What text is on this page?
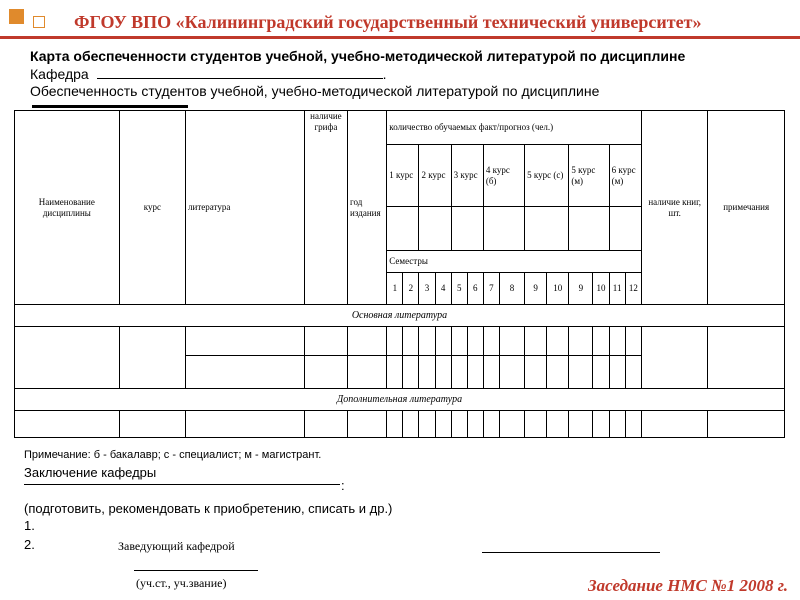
ФГОУ ВПО «Калининградский государственный технический университет»
Карта обеспеченности студентов учебной, учебно-методической литературой по дисциплине
Кафедра	.
Обеспеченность студентов учебной, учебно-методической литературой по дисциплине
Наименование дисциплины	курс	литература	наличие грифа	год издания	количество обучаемых факт/прогноз (чел.)														наличие книг, шт.	примечания
					1 курс		2 курс		3 курс		4 курс (б)		5 курс (с)		5 курс (м)		6 курс (м)			

					Семестры															
					1	2	3	4	5	6	7	8	9	10	9	10	11	12		
Основная литература																				

Дополнительная литература																				

Примечание: б - бакалавр; с - специалист; м - магистрант.
Заключение кафедры
:
(подготовить, рекомендовать к приобретению, списать и др.)
1.
2.	Заведующий кафедрой
(уч.ст., уч.звание)	Заседание НМС №1 2008 г.
